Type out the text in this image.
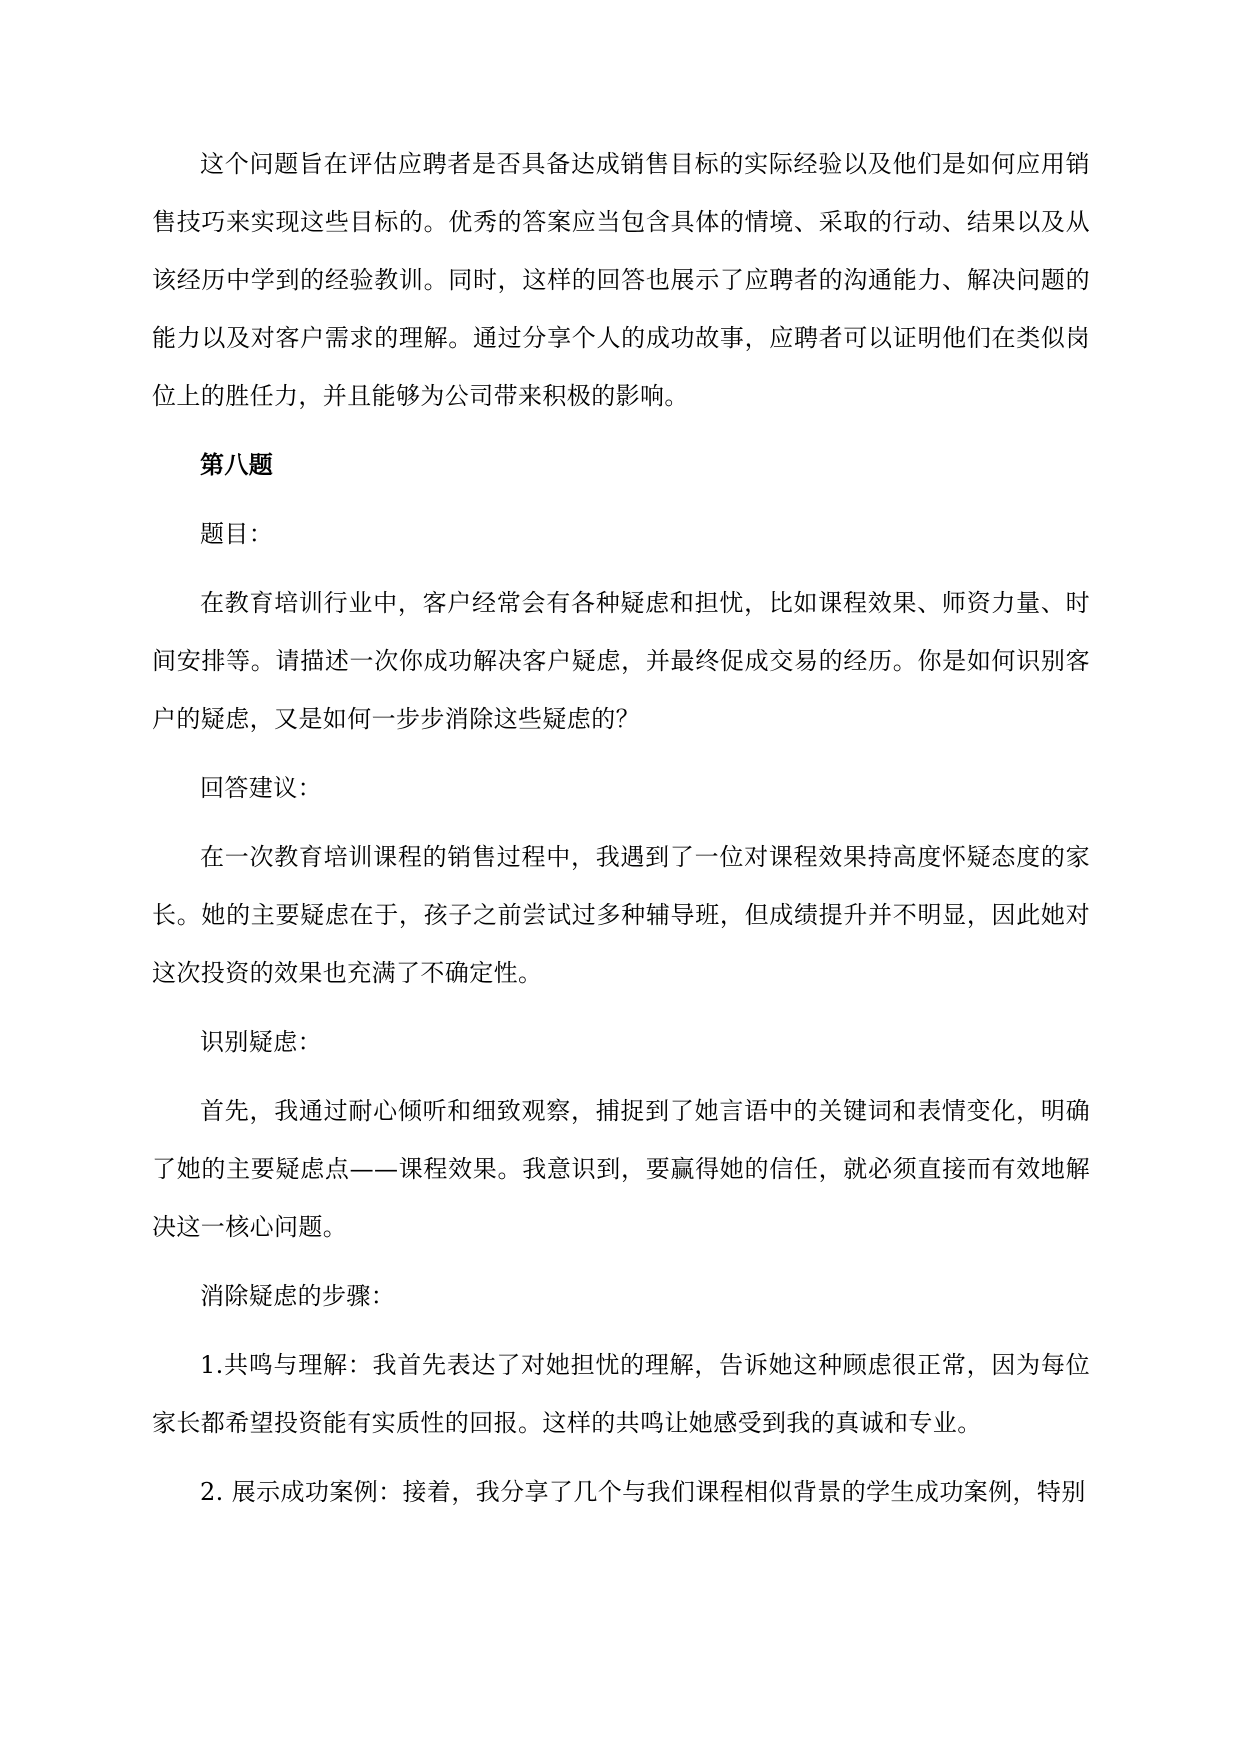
这个问题旨在评估应聘者是否具备达成销售目标的实际经验以及他们是如何应用销售技巧来实现这些目标的。优秀的答案应当包含具体的情境、采取的行动、结果以及从该经历中学到的经验教训。同时，这样的回答也展示了应聘者的沟通能力、解决问题的能力以及对客户需求的理解。通过分享个人的成功故事，应聘者可以证明他们在类似岗位上的胜任力，并且能够为公司带来积极的影响。

第八题

题目：

在教育培训行业中，客户经常会有各种疑虑和担忧，比如课程效果、师资力量、时间安排等。请描述一次你成功解决客户疑虑，并最终促成交易的经历。你是如何识别客户的疑虑，又是如何一步步消除这些疑虑的？

回答建议：

在一次教育培训课程的销售过程中，我遇到了一位对课程效果持高度怀疑态度的家长。她的主要疑虑在于，孩子之前尝试过多种辅导班，但成绩提升并不明显，因此她对这次投资的效果也充满了不确定性。

识别疑虑：

首先，我通过耐心倾听和细致观察，捕捉到了她言语中的关键词和表情变化，明确了她的主要疑虑点——课程效果。我意识到，要赢得她的信任，就必须直接而有效地解决这一核心问题。

消除疑虑的步骤：

1.共鸣与理解：我首先表达了对她担忧的理解，告诉她这种顾虑很正常，因为每位家长都希望投资能有实质性的回报。这样的共鸣让她感受到我的真诚和专业。

2. 展示成功案例：接着，我分享了几个与我们课程相似背景的学生成功案例，特别
